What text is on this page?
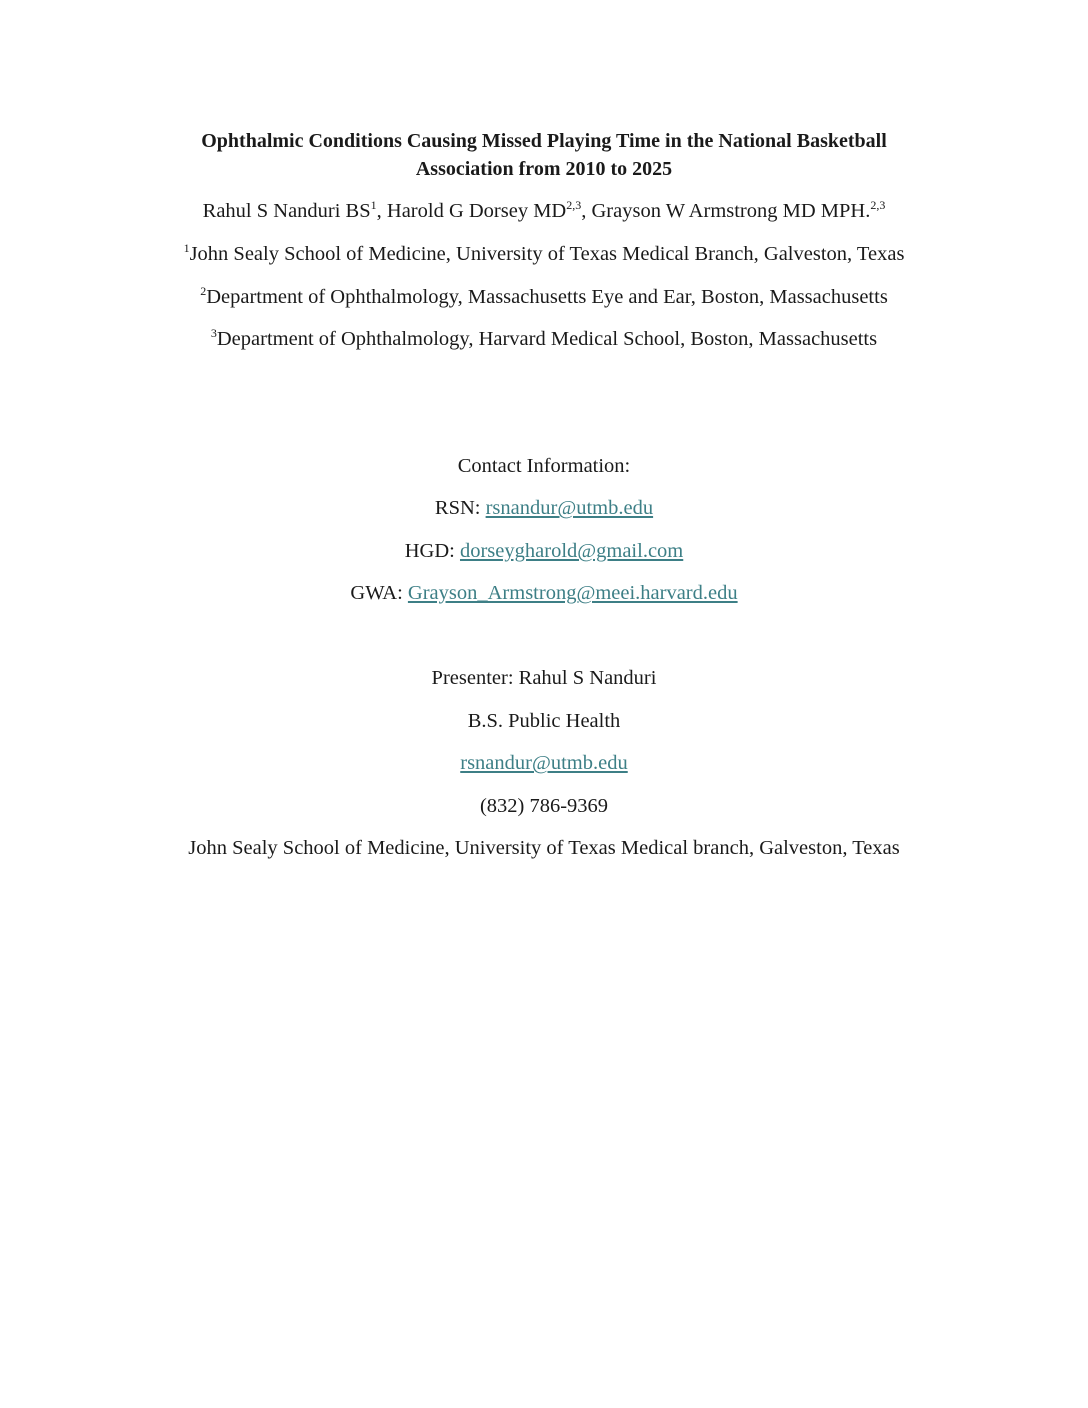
Ophthalmic Conditions Causing Missed Playing Time in the National Basketball
Association from 2010 to 2025
Rahul S Nanduri $BS^1$, Harold G Dorsey MD$^{2,3}$, Grayson W Armstrong MD MPH.$^{2,3}$
$^1$John Sealy School of Medicine, University of Texas Medical Branch, Galveston, Texas
$^2$Department of Ophthalmology, Massachusetts Eye and Ear, Boston, Massachusetts
$^3$Department of Ophthalmology, Harvard Medical School, Boston, Massachusetts
Contact Information:
RSN: rsnandur@utmb.edu
HGD: dorseygharold@gmail.com
GWA: Grayson_Armstrong@meei.harvard.edu
Presenter: Rahul S Nanduri
B.S. Public Health
rsnandur@utmb.edu
(832) 786-9369
John Sealy School of Medicine, University of Texas Medical branch, Galveston, Texas
